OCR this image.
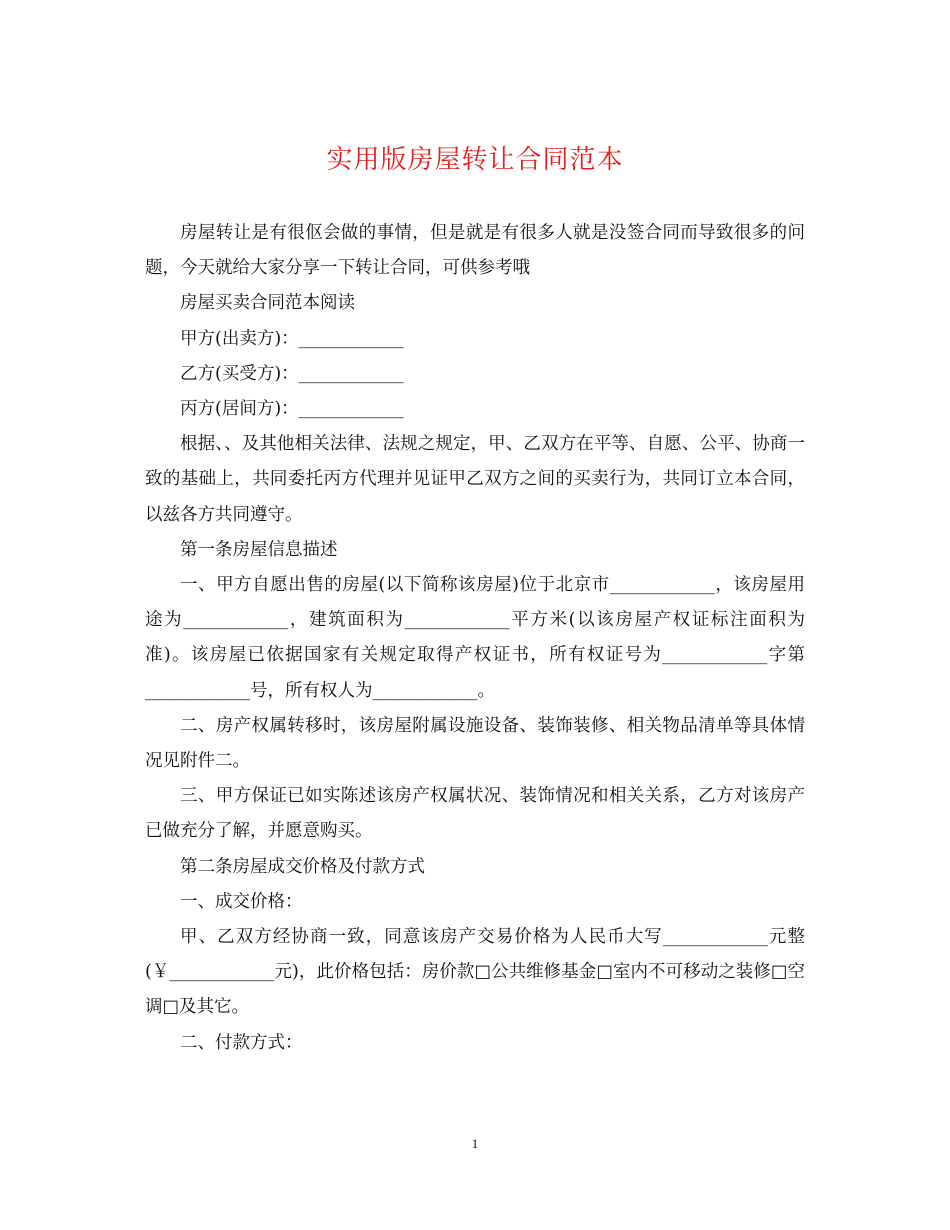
实用版房屋转让合同范本

房屋转让是有很伛会做的事情，但是就是有很多人就是没签合同而导致很多的问题，今天就给大家分享一下转让合同，可供参考哦

房屋买卖合同范本阅读

甲方(出卖方)：____________

乙方(买受方)：____________

丙方(居间方)：____________

根据、、及其他相关法律、法规之规定，甲、乙双方在平等、自愿、公平、协商一致的基础上，共同委托丙方代理并见证甲乙双方之间的买卖行为，共同订立本合同，以兹各方共同遵守。

第一条房屋信息描述

一、甲方自愿出售的房屋(以下简称该房屋)位于北京市____________，该房屋用途为____________，建筑面积为____________平方米(以该房屋产权证标注面积为准)。该房屋已依据国家有关规定取得产权证书，所有权证号为____________字第____________号，所有权人为____________。

二、房产权属转移时，该房屋附属设施设备、装饰装修、相关物品清单等具体情况见附件二。

三、甲方保证已如实陈述该房产权属状况、装饰情况和相关关系，乙方对该房产已做充分了解，并愿意购买。

第二条房屋成交价格及付款方式

一、成交价格：

甲、乙双方经协商一致，同意该房产交易价格为人民币大写____________元整(￥____________元)，此价格包括：房价款□公共维修基金□室内不可移动之装修□空调□及其它。

二、付款方式：

1
